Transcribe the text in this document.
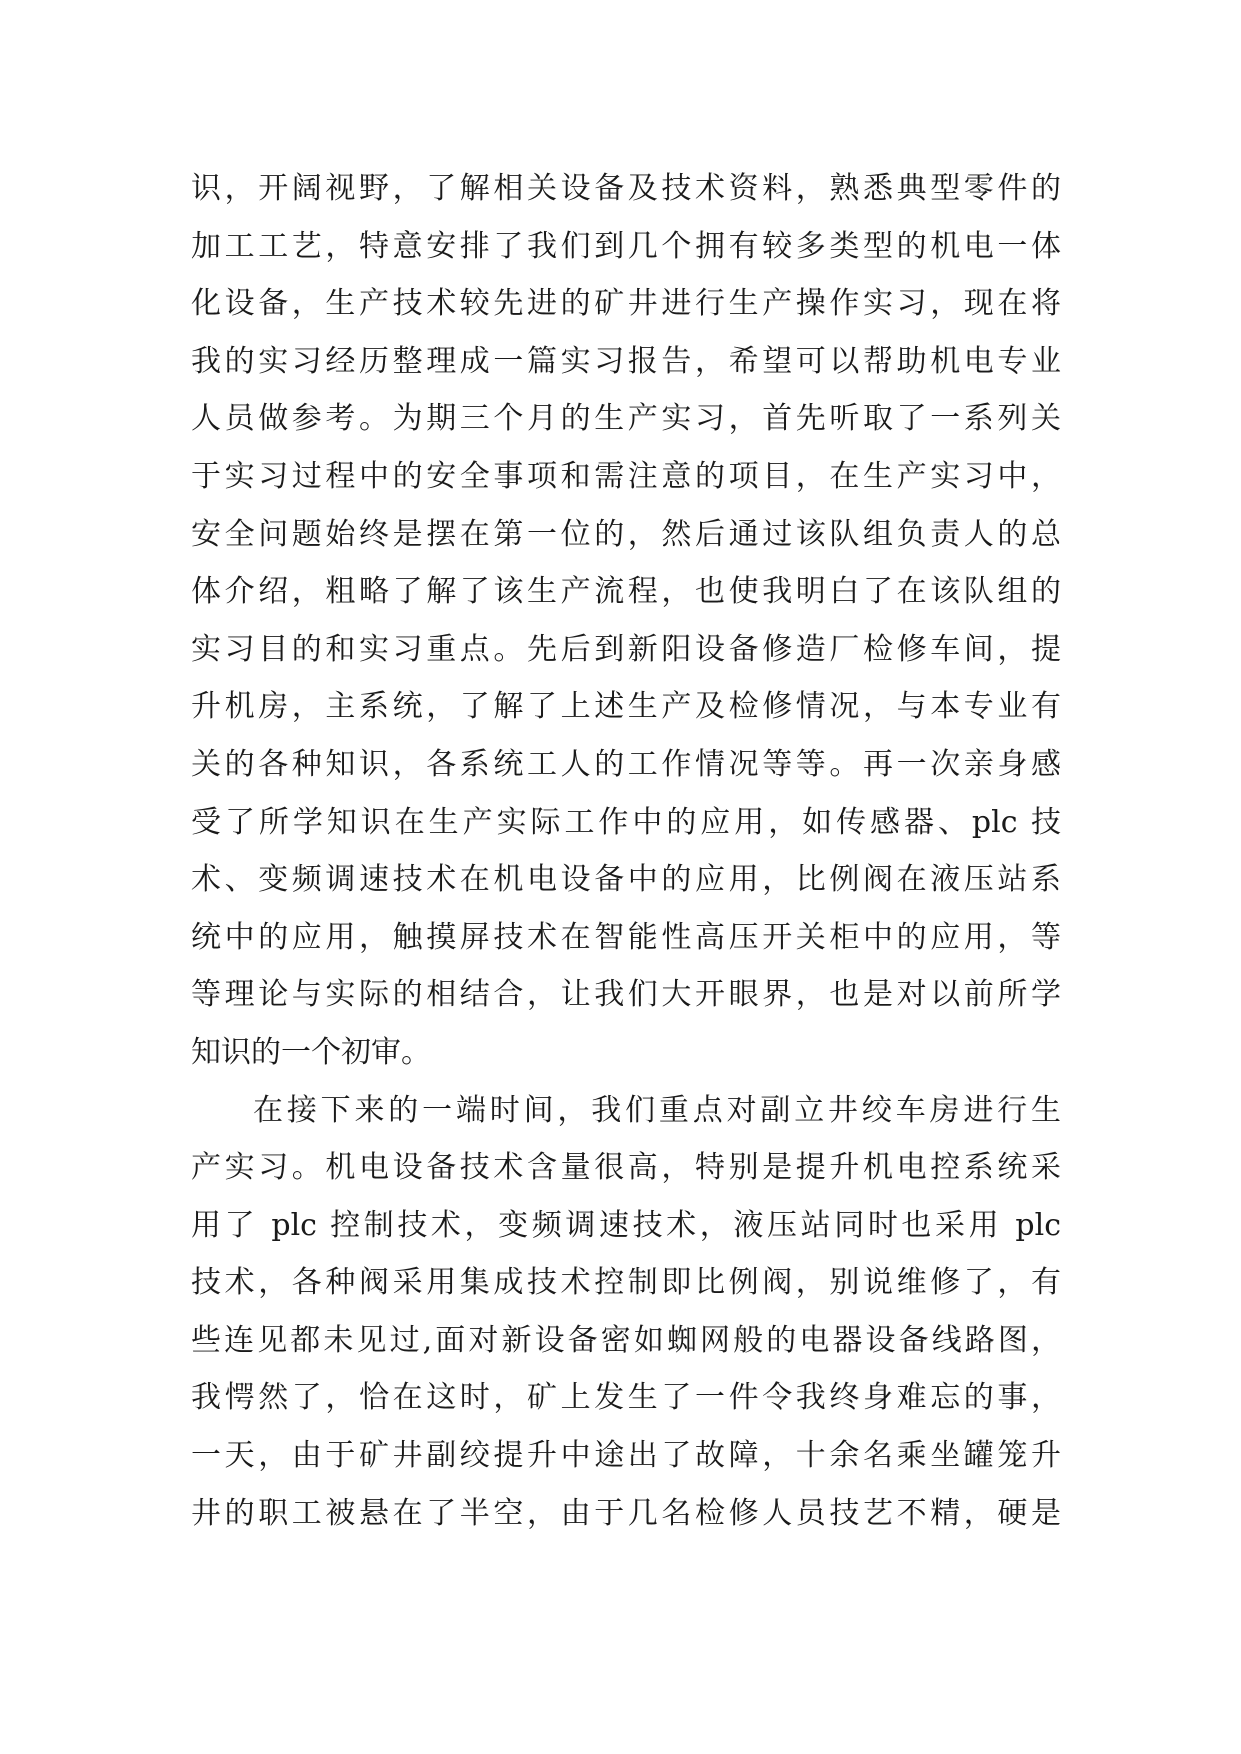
识，开阔视野，了解相关设备及技术资料，熟悉典型零件的
加工工艺，特意安排了我们到几个拥有较多类型的机电一体
化设备，生产技术较先进的矿井进行生产操作实习，现在将
我的实习经历整理成一篇实习报告，希望可以帮助机电专业
人员做参考。为期三个月的生产实习，首先听取了一系列关
于实习过程中的安全事项和需注意的项目，在生产实习中，
安全问题始终是摆在第一位的，然后通过该队组负责人的总
体介绍，粗略了解了该生产流程，也使我明白了在该队组的
实习目的和实习重点。先后到新阳设备修造厂检修车间，提
升机房，主系统，了解了上述生产及检修情况，与本专业有
关的各种知识，各系统工人的工作情况等等。再一次亲身感
受了所学知识在生产实际工作中的应用，如传感器、plc 技
术、变频调速技术在机电设备中的应用，比例阀在液压站系
统中的应用，触摸屏技术在智能性高压开关柜中的应用，等
等理论与实际的相结合，让我们大开眼界，也是对以前所学
知识的一个初审。
在接下来的一端时间，我们重点对副立井绞车房进行生
产实习。机电设备技术含量很高，特别是提升机电控系统采
用了 plc 控制技术，变频调速技术，液压站同时也采用 plc
技术，各种阀采用集成技术控制即比例阀，别说维修了，有
些连见都未见过,面对新设备密如蜘网般的电器设备线路图，
我愕然了，恰在这时，矿上发生了一件令我终身难忘的事，
一天，由于矿井副绞提升中途出了故障，十余名乘坐罐笼升
井的职工被悬在了半空，由于几名检修人员技艺不精，硬是
